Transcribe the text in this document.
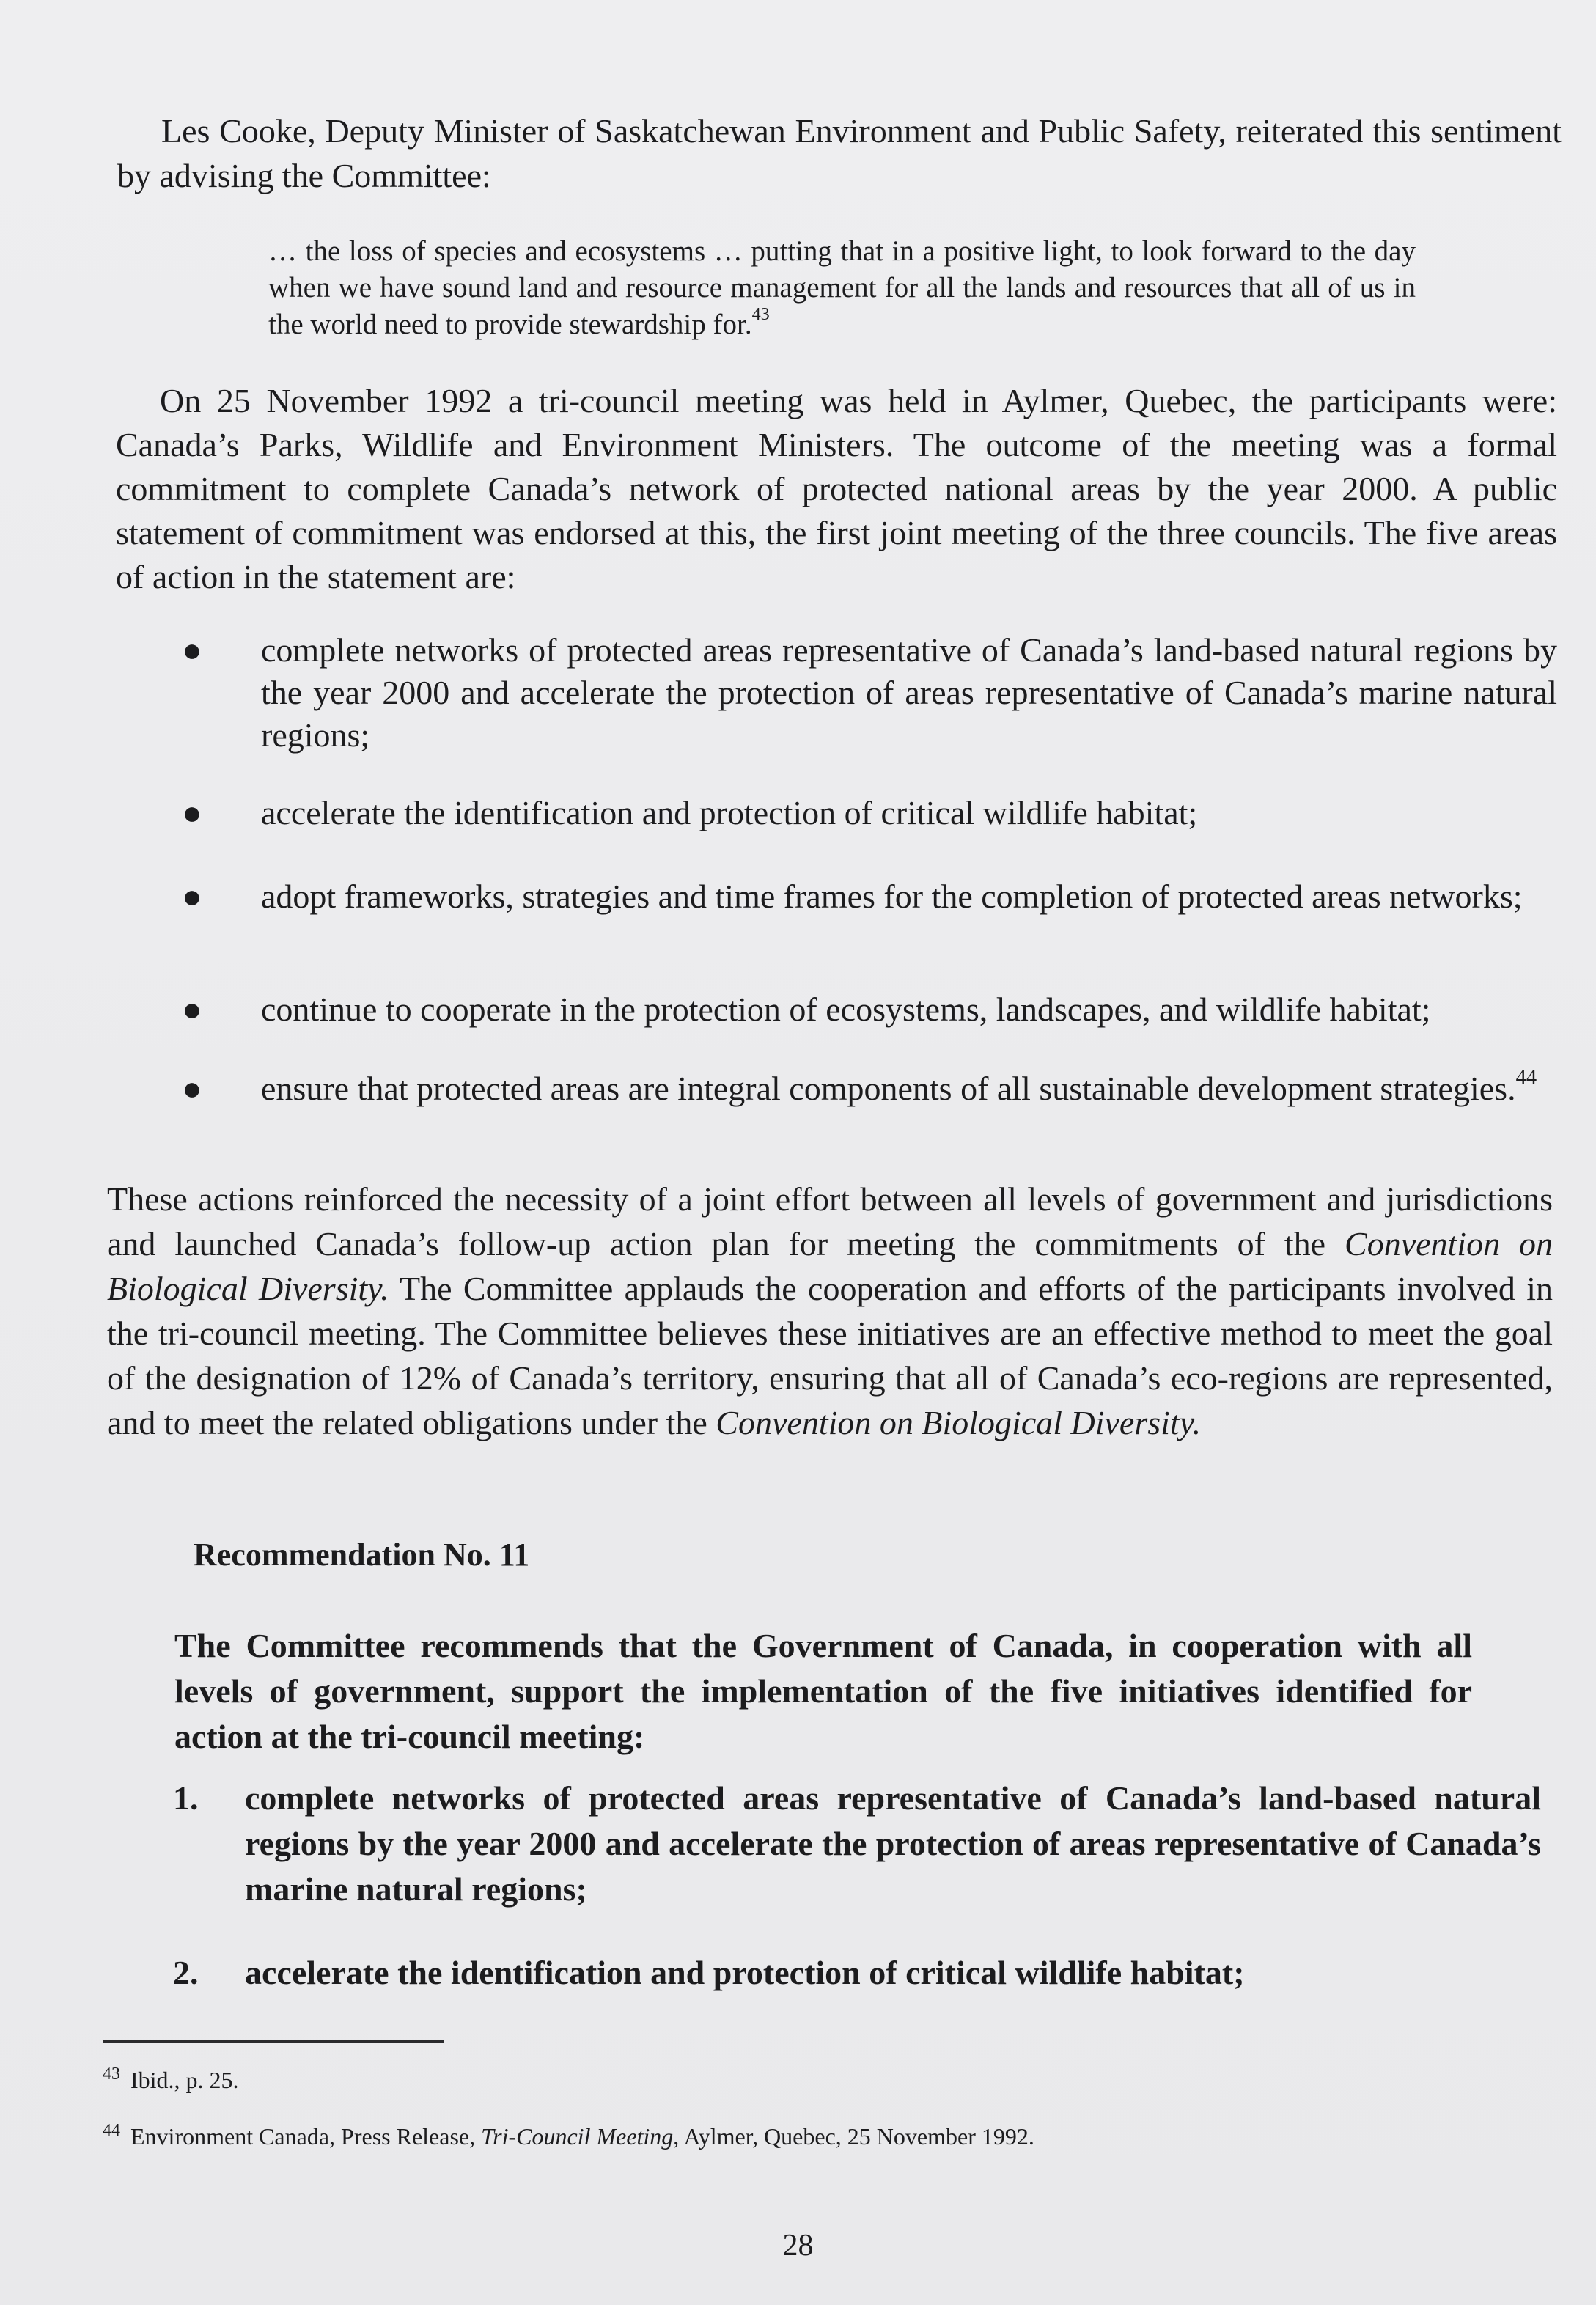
Les Cooke, Deputy Minister of Saskatchewan Environment and Public Safety, reiterated this sentiment by advising the Committee:

… the loss of species and ecosystems … putting that in a positive light, to look forward to the day when we have sound land and resource management for all the lands and resources that all of us in the world need to provide stewardship for.$^{43}$

On 25 November 1992 a tri-council meeting was held in Aylmer, Quebec, the participants were: Canada’s Parks, Wildlife and Environment Ministers. The outcome of the meeting was a formal commitment to complete Canada’s network of protected national areas by the year 2000. A public statement of commitment was endorsed at this, the first joint meeting of the three councils. The five areas of action in the statement are:

● complete networks of protected areas representative of Canada’s land-based natural regions by the year 2000 and accelerate the protection of areas representative of Canada’s marine natural regions;
● accelerate the identification and protection of critical wildlife habitat;
● adopt frameworks, strategies and time frames for the completion of protected areas networks;
● continue to cooperate in the protection of ecosystems, landscapes, and wildlife habitat;
● ensure that protected areas are integral components of all sustainable development strategies.$^{44}$

These actions reinforced the necessity of a joint effort between all levels of government and jurisdictions and launched Canada’s follow-up action plan for meeting the commitments of the Convention on Biological Diversity. The Committee applauds the cooperation and efforts of the participants involved in the tri-council meeting. The Committee believes these initiatives are an effective method to meet the goal of the designation of 12% of Canada’s territory, ensuring that all of Canada’s eco-regions are represented, and to meet the related obligations under the Convention on Biological Diversity.

Recommendation No. 11

The Committee recommends that the Government of Canada, in cooperation with all levels of government, support the implementation of the five initiatives identified for action at the tri-council meeting:

1. complete networks of protected areas representative of Canada’s land-based natural regions by the year 2000 and accelerate the protection of areas representative of Canada’s marine natural regions;
2. accelerate the identification and protection of critical wildlife habitat;
$^{43}$ Ibid., p. 25.
$^{44}$ Environment Canada, Press Release, Tri-Council Meeting, Aylmer, Quebec, 25 November 1992.
28
